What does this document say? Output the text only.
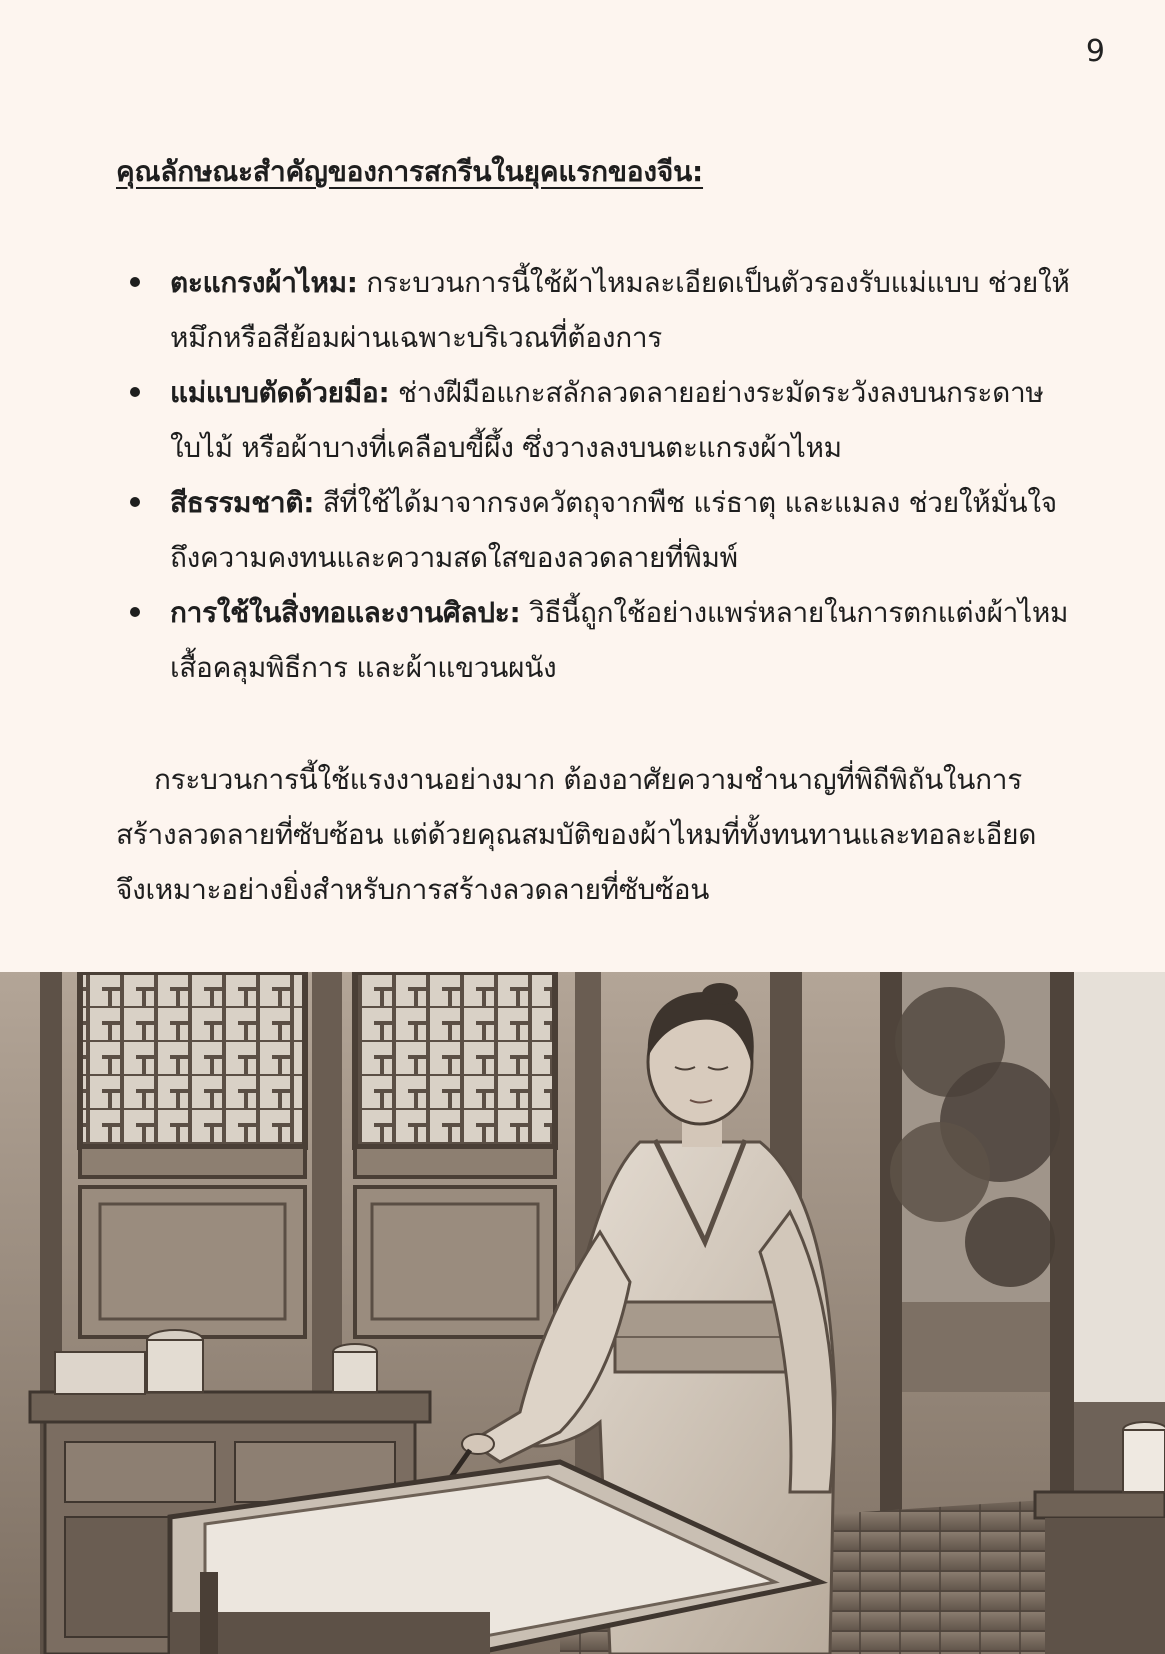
9
คุณลักษณะสำคัญของการสกรีนในยุคแรกของจีน:
ตะแกรงผ้าไหม: กระบวนการนี้ใช้ผ้าไหมละเอียดเป็นตัวรองรับแม่แบบ ช่วยให้หมึกหรือสีย้อมผ่านเฉพาะบริเวณที่ต้องการ
แม่แบบตัดด้วยมือ: ช่างฝีมือแกะสลักลวดลายอย่างระมัดระวังลงบนกระดาษ ใบไม้ หรือผ้าบางที่เคลือบขี้ผึ้ง ซึ่งวางลงบนตะแกรงผ้าไหม
สีธรรมชาติ: สีที่ใช้ได้มาจากรงควัตถุจากพืช แร่ธาตุ และแมลง ช่วยให้มั่นใจถึงความคงทนและความสดใสของลวดลายที่พิมพ์
การใช้ในสิ่งทอและงานศิลปะ: วิธีนี้ถูกใช้อย่างแพร่หลายในการตกแต่งผ้าไหม เสื้อคลุมพิธีการ และผ้าแขวนผนัง

กระบวนการนี้ใช้แรงงานอย่างมาก ต้องอาศัยความชำนาญที่พิถีพิถันในการสร้างลวดลายที่ซับซ้อน แต่ด้วยคุณสมบัติของผ้าไหมที่ทั้งทนทานและทอละเอียด จึงเหมาะอย่างยิ่งสำหรับการสร้างลวดลายที่ซับซ้อน
